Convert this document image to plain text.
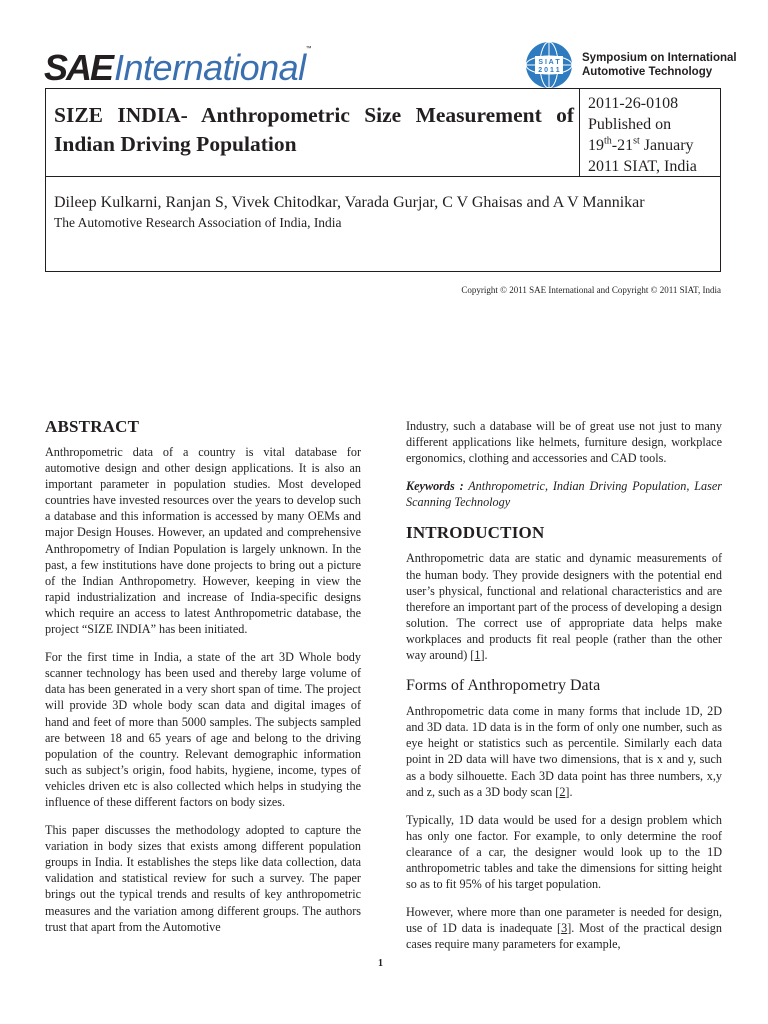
SAE International ™
S I A T
2 0 1 1
Symposium on International
Automotive Technology
SIZE INDIA- Anthropometric Size Measurement of Indian Driving Population
2011-26-0108
Published on
19th-21st January
2011 SIAT, India
Dileep Kulkarni, Ranjan S, Vivek Chitodkar, Varada Gurjar, C V Ghaisas and A V Mannikar
The Automotive Research Association of India, India
Copyright © 2011 SAE International and Copyright © 2011 SIAT, India
ABSTRACT

Anthropometric data of a country is vital database for automotive design and other design applications. It is also an important parameter in population studies. Most developed countries have invested resources over the years to develop such a database and this information is accessed by many OEMs and major Design Houses. However, an updated and comprehensive Anthropometry of Indian Population is largely unknown. In the past, a few institutions have done projects to bring out a picture of the Indian Anthropometry. However, keeping in view the rapid industrialization and increase of India-specific designs which require an access to latest Anthropometric database, the project “SIZE INDIA” has been initiated.

For the first time in India, a state of the art 3D Whole body scanner technology has been used and thereby large volume of data has been generated in a very short span of time. The project will provide 3D whole body scan data and digital images of hand and feet of more than 5000 samples. The subjects sampled are between 18 and 65 years of age and belong to the driving population of the country. Relevant demographic information such as subject’s origin, food habits, hygiene, income, types of vehicles driven etc is also collected which helps in studying the influence of these different factors on body sizes.

This paper discusses the methodology adopted to capture the variation in body sizes that exists among different population groups in India. It establishes the steps like data collection, data validation and statistical review for such a survey. The paper brings out the typical trends and results of key anthropometric measures and the variation among different groups. The authors trust that apart from the Automotive

Industry, such a database will be of great use not just to many different applications like helmets, furniture design, workplace ergonomics, clothing and accessories and CAD tools.

Keywords : Anthropometric, Indian Driving Population, Laser Scanning Technology

INTRODUCTION

Anthropometric data are static and dynamic measurements of the human body. They provide designers with the potential end user’s physical, functional and relational characteristics and are therefore an important part of the process of developing a design solution. The correct use of appropriate data helps make workplaces and products fit real people (rather than the other way around) [1].

Forms of Anthropometry Data

Anthropometric data come in many forms that include 1D, 2D and 3D data. 1D data is in the form of only one number, such as eye height or statistics such as percentile. Similarly each data point in 2D data will have two dimensions, that is x and y, such as a body silhouette. Each 3D data point has three numbers, x,y and z, such as a 3D body scan [2].

Typically, 1D data would be used for a design problem which has only one factor. For example, to only determine the roof clearance of a car, the designer would look up to the 1D anthropometric tables and take the dimensions for sitting height so as to fit 95% of his target population.

However, where more than one parameter is needed for design, use of 1D data is inadequate [3]. Most of the practical design cases require many parameters for example,

1
